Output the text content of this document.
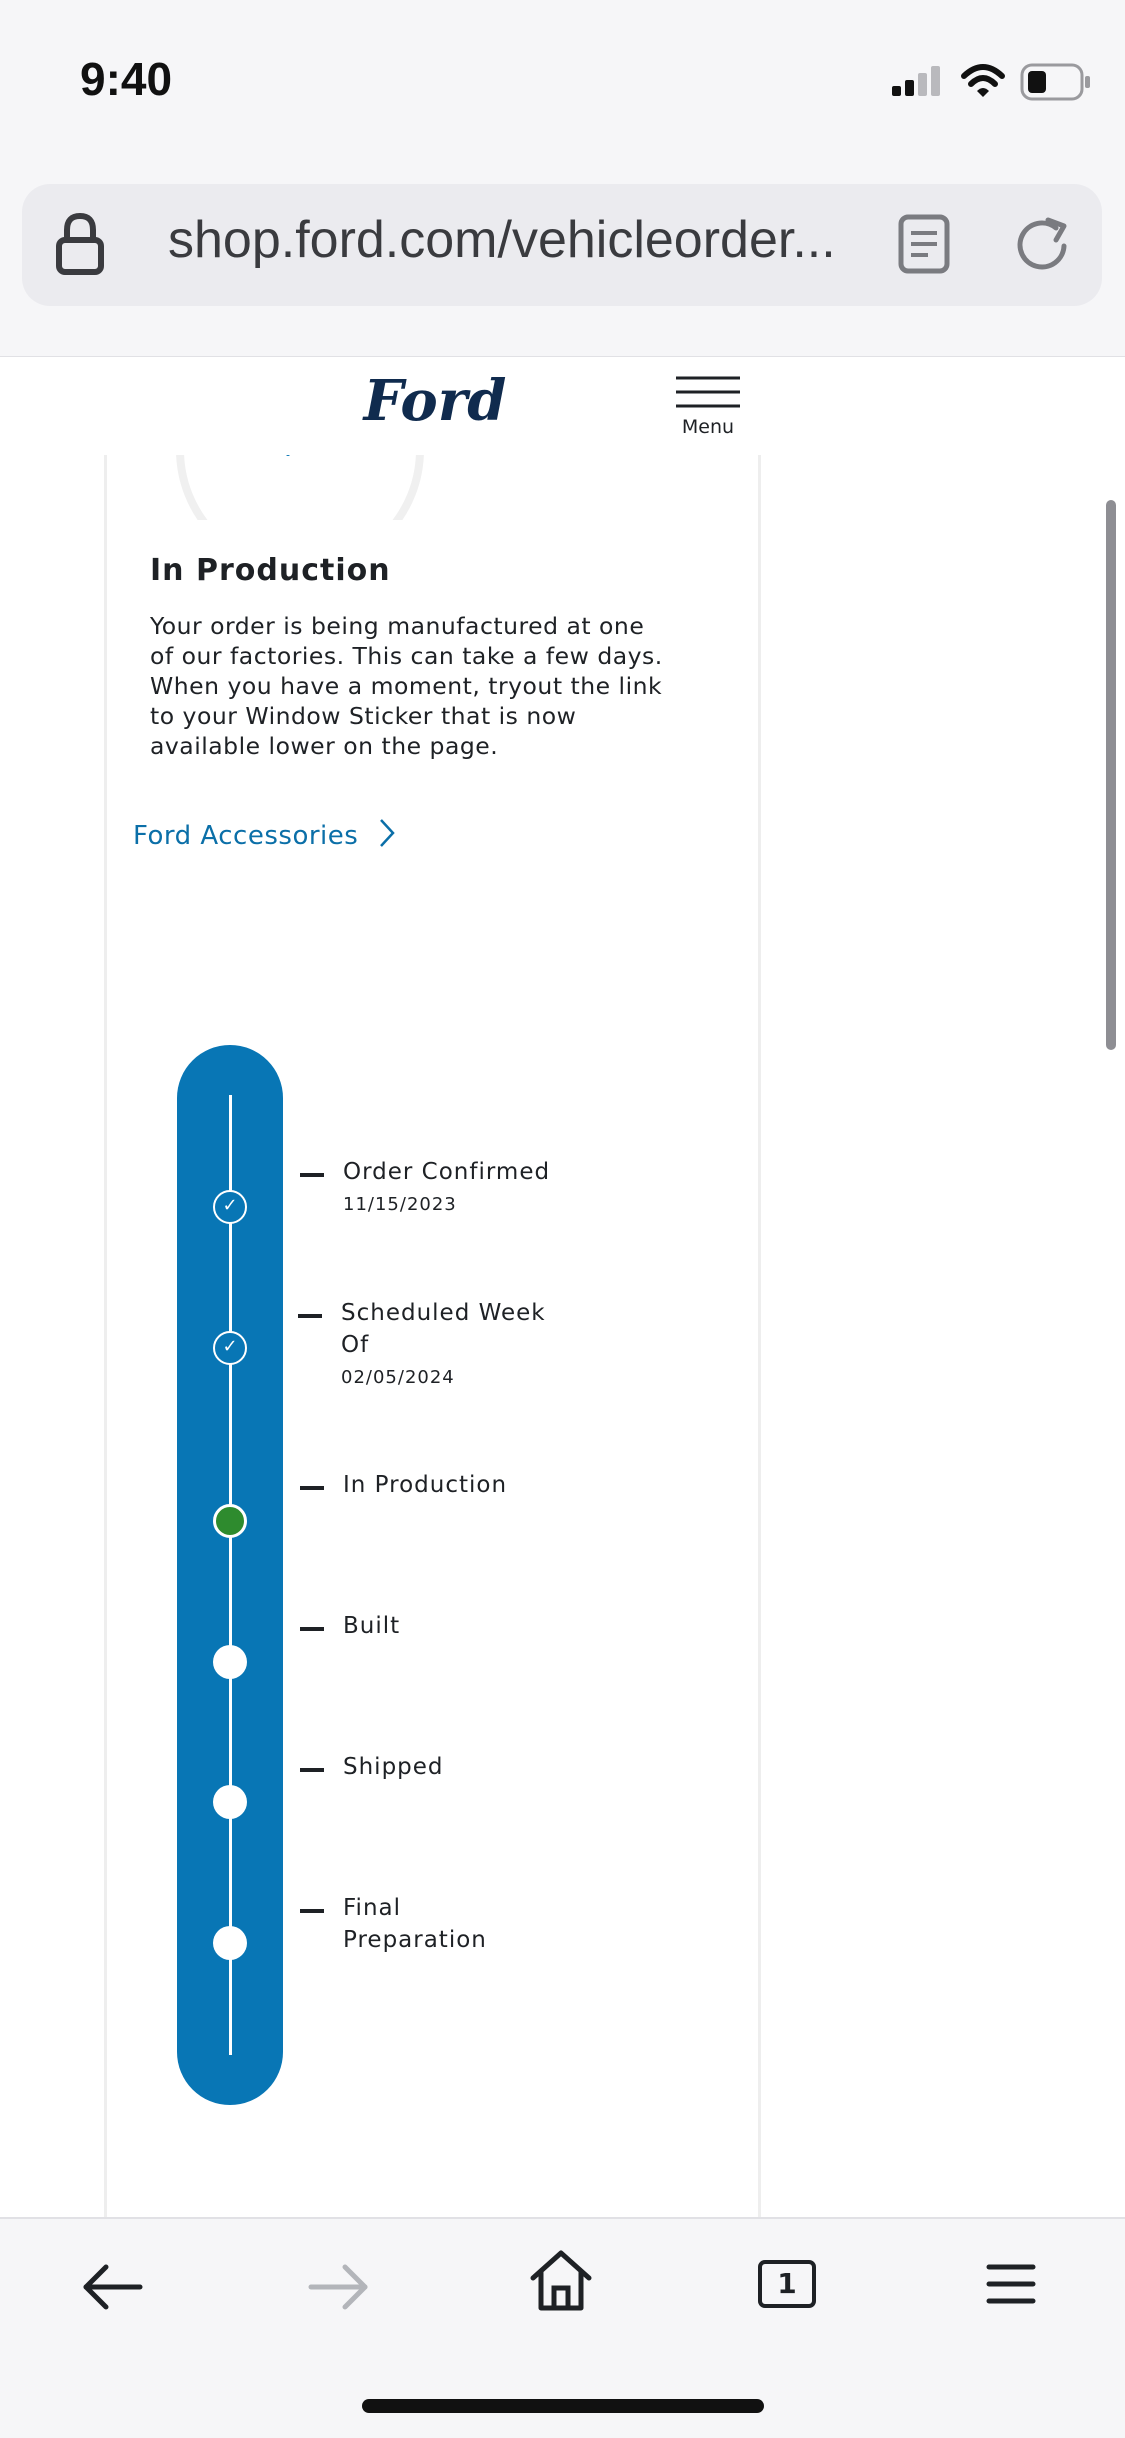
9:40
shop.ford.com/vehicleorder...
Ford	Menu
In Production
Your order is being manufactured at one of our factories. This can take a few days. When you have a moment, tryout the link to your Window Sticker that is now available lower on the page.
Ford Accessories
✓
Order Confirmed
11/15/2023
✓
Scheduled Week Of
02/05/2024
In Production
Built
Shipped
Final Preparation
1
